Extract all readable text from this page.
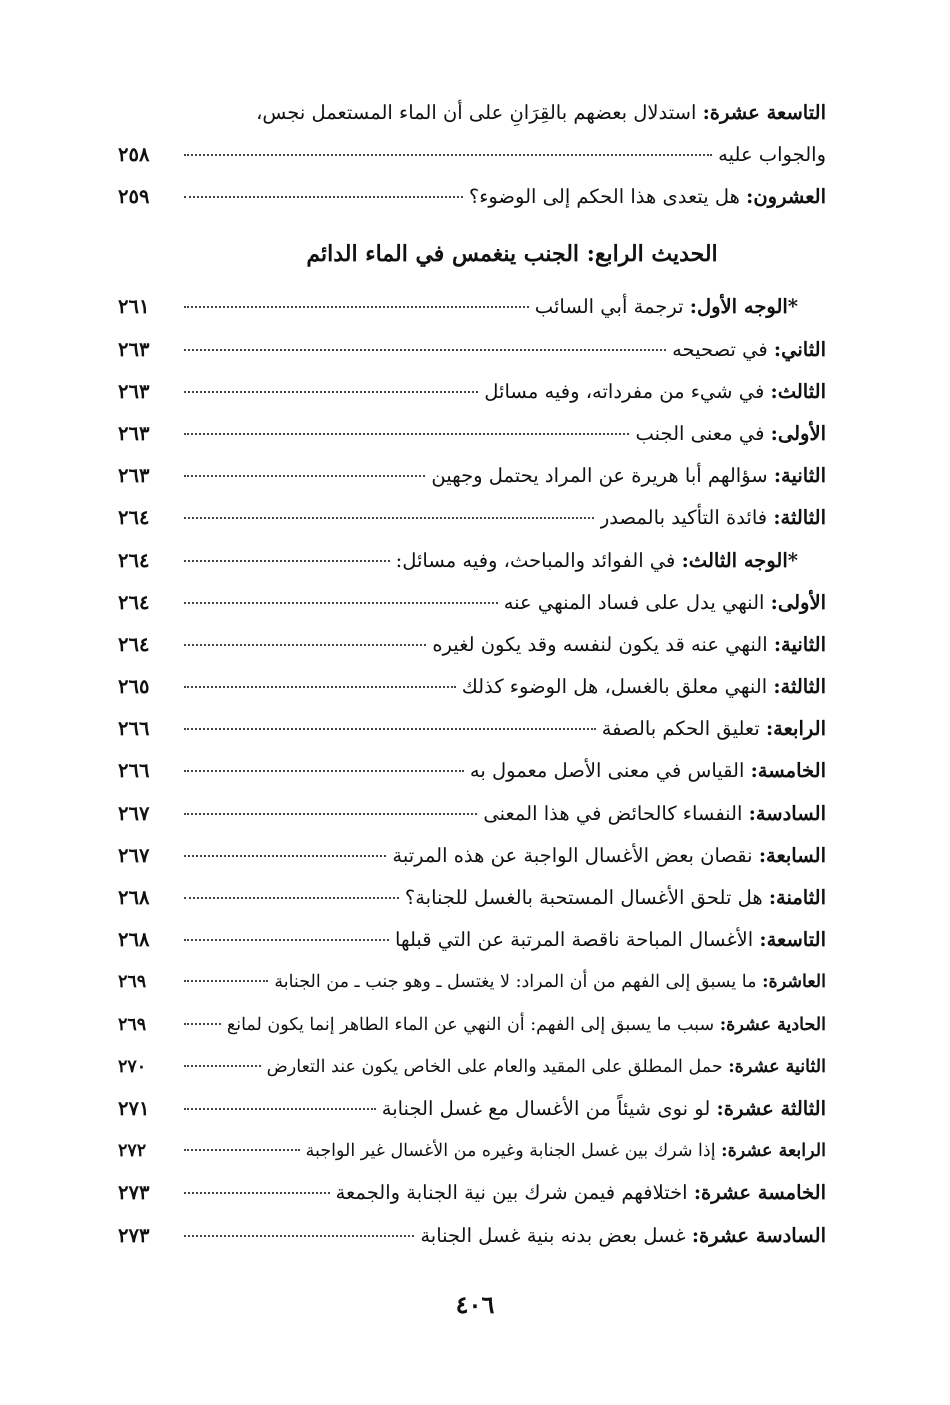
التاسعة عشرة: استدلال بعضهم بالقِرَانِ على أن الماء المستعمل نجس،
والجواب عليه
٢٥٨
العشرون: هل يتعدى هذا الحكم إلى الوضوء؟
٢٥٩
الحديث الرابع: الجنب ينغمس في الماء الدائم
*الوجه الأول: ترجمة أبي السائب
٢٦١
الثاني: في تصحيحه
٢٦٣
الثالث: في شيء من مفرداته، وفيه مسائل
٢٦٣
الأولى: في معنى الجنب
٢٦٣
الثانية: سؤالهم أبا هريرة عن المراد يحتمل وجهين
٢٦٣
الثالثة: فائدة التأكيد بالمصدر
٢٦٤
*الوجه الثالث: في الفوائد والمباحث، وفيه مسائل:
٢٦٤
الأولى: النهي يدل على فساد المنهي عنه
٢٦٤
الثانية: النهي عنه قد يكون لنفسه وقد يكون لغيره
٢٦٤
الثالثة: النهي معلق بالغسل، هل الوضوء كذلك
٢٦٥
الرابعة: تعليق الحكم بالصفة
٢٦٦
الخامسة: القياس في معنى الأصل معمول به
٢٦٦
السادسة: النفساء كالحائض في هذا المعنى
٢٦٧
السابعة: نقصان بعض الأغسال الواجبة عن هذه المرتبة
٢٦٧
الثامنة: هل تلحق الأغسال المستحبة بالغسل للجنابة؟
٢٦٨
التاسعة: الأغسال المباحة ناقصة المرتبة عن التي قبلها
٢٦٨
العاشرة: ما يسبق إلى الفهم من أن المراد: لا يغتسل ـ وهو جنب ـ من الجنابة
٢٦٩
الحادية عشرة: سبب ما يسبق إلى الفهم: أن النهي عن الماء الطاهر إنما يكون لمانع
٢٦٩
الثانية عشرة: حمل المطلق على المقيد والعام على الخاص يكون عند التعارض
٢٧٠
الثالثة عشرة: لو نوى شيئاً من الأغسال مع غسل الجنابة
٢٧١
الرابعة عشرة: إذا شرك بين غسل الجنابة وغيره من الأغسال غير الواجبة
٢٧٢
الخامسة عشرة: اختلافهم فيمن شرك بين نية الجنابة والجمعة
٢٧٣
السادسة عشرة: غسل بعض بدنه بنية غسل الجنابة
٢٧٣
٤٠٦
